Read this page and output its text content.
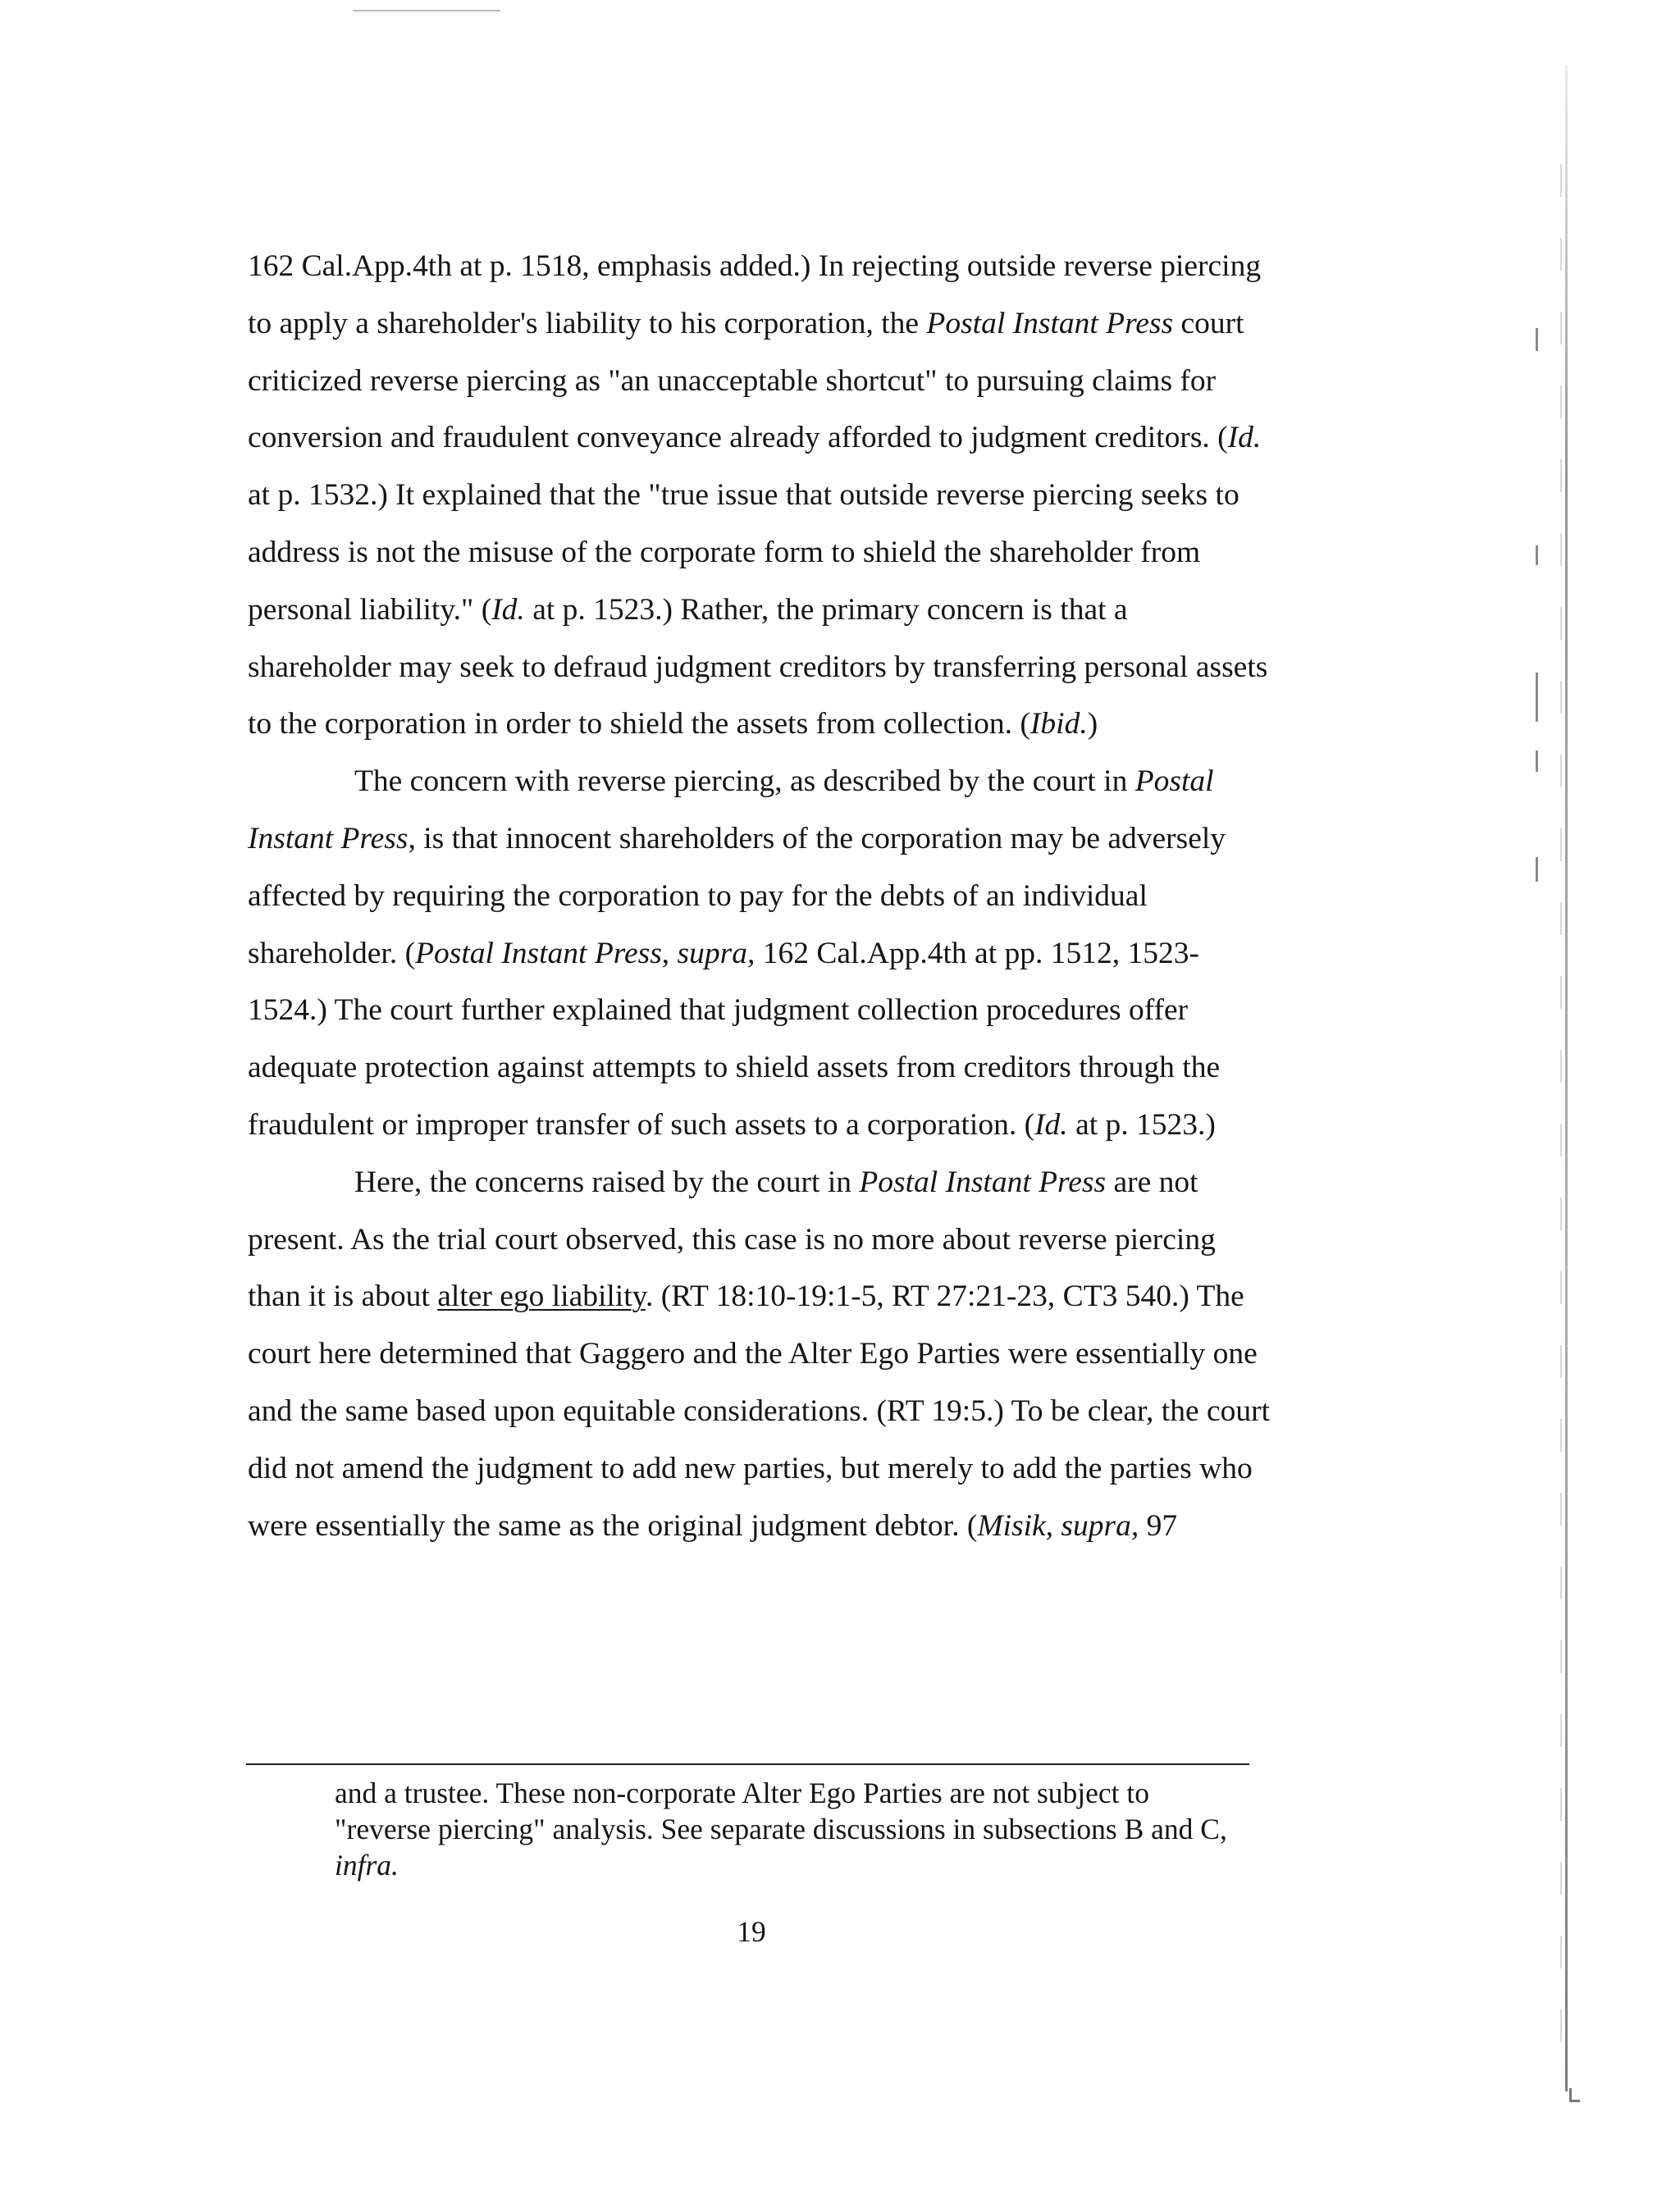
162 Cal.App.4th at p. 1518, emphasis added.) In rejecting outside reverse piercing to apply a shareholder's liability to his corporation, the Postal Instant Press court criticized reverse piercing as "an unacceptable shortcut" to pursuing claims for conversion and fraudulent conveyance already afforded to judgment creditors. (Id. at p. 1532.) It explained that the "true issue that outside reverse piercing seeks to address is not the misuse of the corporate form to shield the shareholder from personal liability." (Id. at p. 1523.) Rather, the primary concern is that a shareholder may seek to defraud judgment creditors by transferring personal assets to the corporation in order to shield the assets from collection. (Ibid.)

The concern with reverse piercing, as described by the court in Postal Instant Press, is that innocent shareholders of the corporation may be adversely affected by requiring the corporation to pay for the debts of an individual shareholder. (Postal Instant Press, supra, 162 Cal.App.4th at pp. 1512, 1523-1524.) The court further explained that judgment collection procedures offer adequate protection against attempts to shield assets from creditors through the fraudulent or improper transfer of such assets to a corporation. (Id. at p. 1523.)

Here, the concerns raised by the court in Postal Instant Press are not present. As the trial court observed, this case is no more about reverse piercing than it is about alter ego liability. (RT 18:10-19:1-5, RT 27:21-23, CT3 540.) The court here determined that Gaggero and the Alter Ego Parties were essentially one and the same based upon equitable considerations. (RT 19:5.) To be clear, the court did not amend the judgment to add new parties, but merely to add the parties who were essentially the same as the original judgment debtor. (Misik, supra, 97

and a trustee. These non-corporate Alter Ego Parties are not subject to "reverse piercing" analysis. See separate discussions in subsections B and C, infra.

19
